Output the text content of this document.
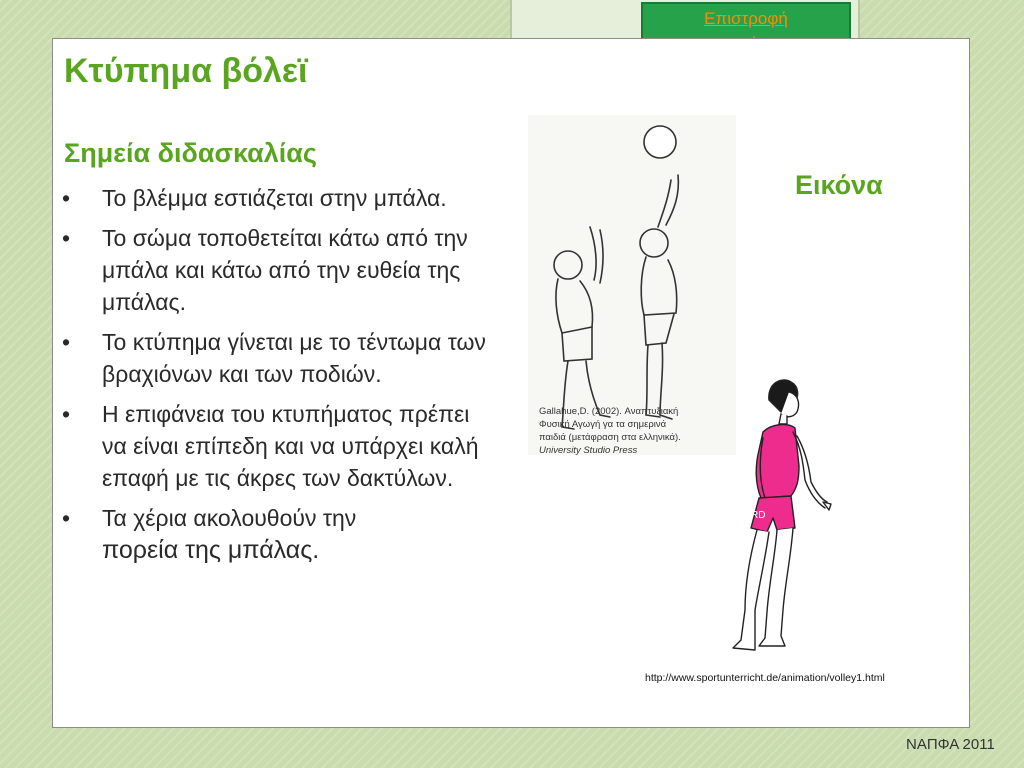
Επιστροφή
Κτύπημα βόλεϊ
Σημεία διδασκαλίας
• Το βλέμμα εστιάζεται στην μπάλα.
• Το σώμα τοποθετείται κάτω από την μπάλα και κάτω από την ευθεία της μπάλας.
• Το κτύπημα γίνεται με το τέντωμα των βραχιόνων και των ποδιών.
• Η επιφάνεια του κτυπήματος πρέπει να είναι επίπεδη και να υπάρχει καλή επαφή με τις άκρες των δακτύλων.
• Τα χέρια ακολουθούν την
πορεία της μπάλας.
Εικόνα
Gallahue,D. (2002). Αναπτυξιακή
Φυσική Αγωγή γα τα σημερινά
παιδιά (μετάφραση στα ελληνικά).
University Studio Press
RD
http://www.sportunterricht.de/animation/volley1.html
ΝΑΠΦΑ 2011
